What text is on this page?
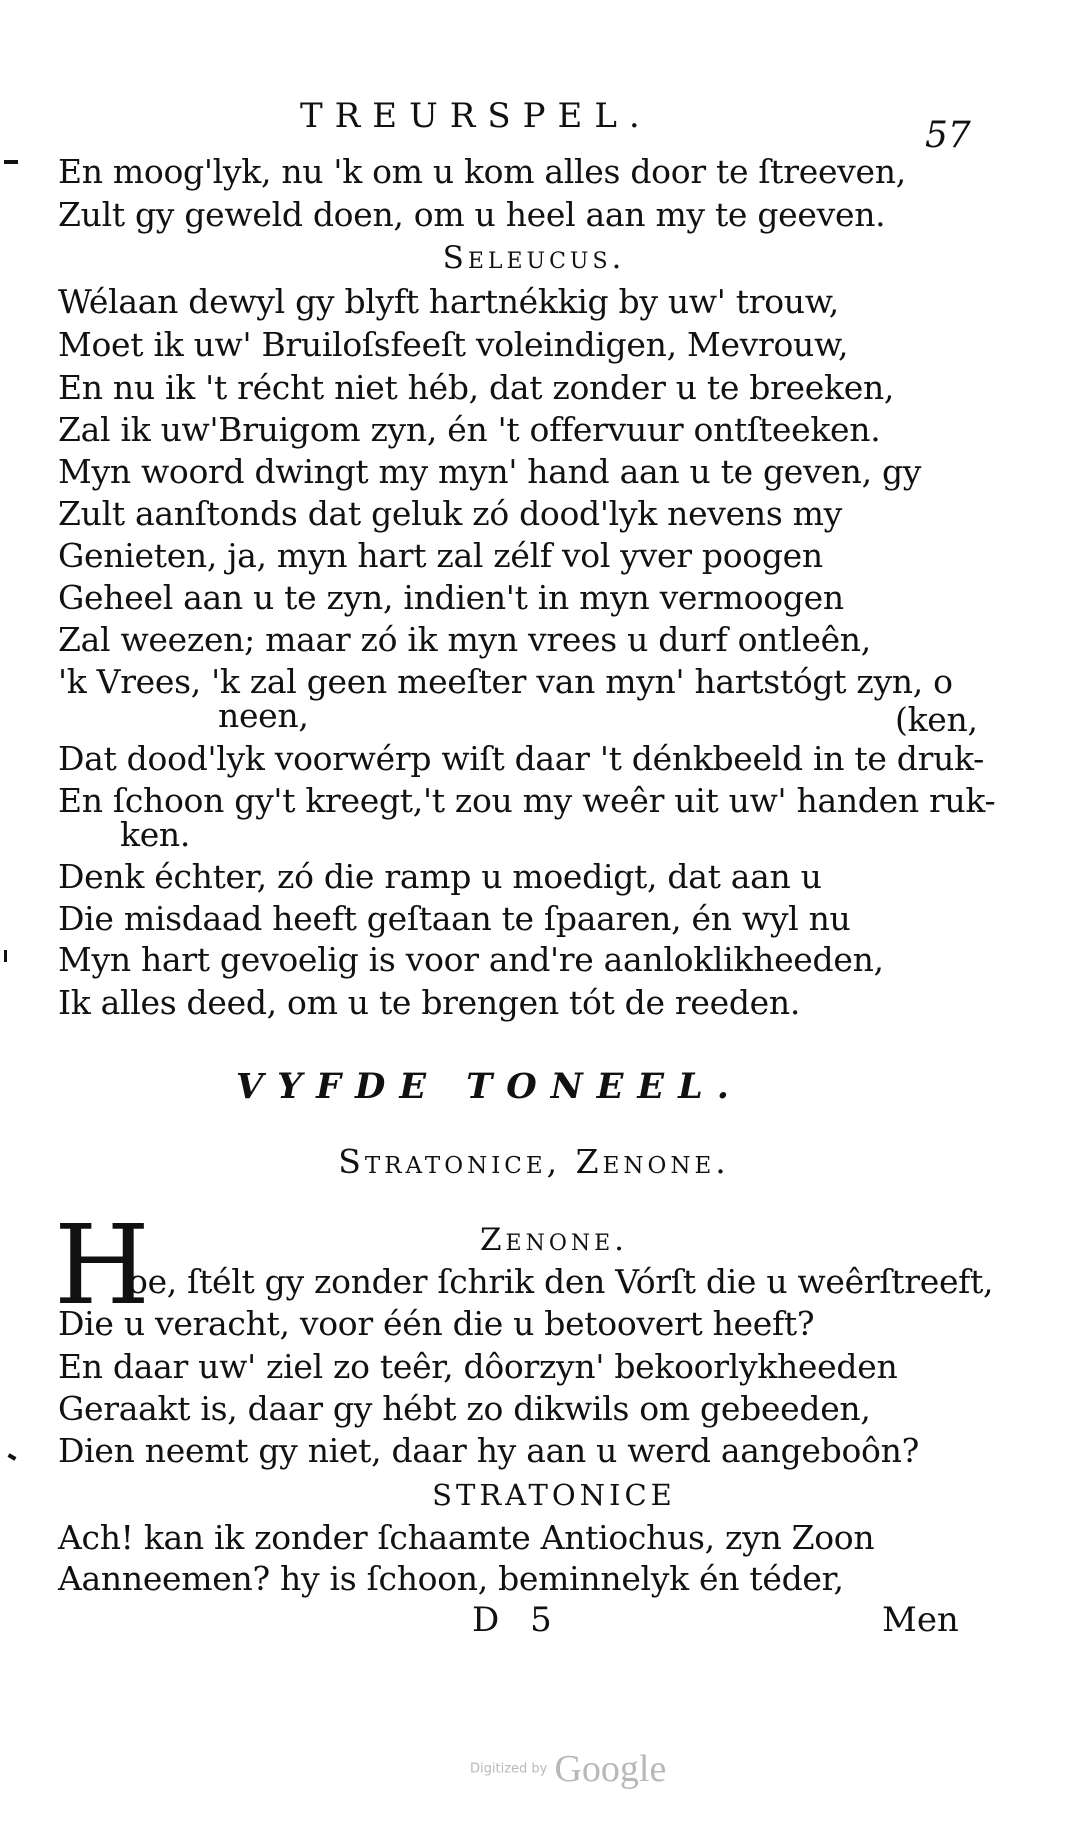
TREURSPEL.	57
En moog'lyk, nu 'k om u kom alles door te ſtreeven,
Zult gy geweld doen, om u heel aan my te geeven.
Seleucus.
Wélaan dewyl gy blyft hartnékkig by uw' trouw,
Moet ik uw' Bruiloſsfeeſt voleindigen, Mevrouw,
En nu ik 't récht niet héb, dat zonder u te breeken,
Zal ik uw'Bruigom zyn, én 't offervuur ontſteeken.
Myn woord dwingt my myn' hand aan u te geven, gy
Zult aanſtonds dat geluk zó dood'lyk nevens my
Genieten, ja, myn hart zal zélf vol yver poogen
Geheel aan u te zyn, indien't in myn vermoogen
Zal weezen; maar zó ik myn vrees u durf ontleên,
'k Vrees, 'k zal geen meeſter van myn' hartstógt zyn, o
neen,	(ken,
Dat dood'lyk voorwérp wiſt daar 't dénkbeeld in te druk-
En ſchoon gy't kreegt,'t zou my weêr uit uw' handen ruk-
ken.
Denk échter, zó die ramp u moedigt, dat aan u
Die misdaad heeft geſtaan te ſpaaren, én wyl nu
Myn hart gevoelig is voor and're aanloklikheeden,
Ik alles deed, om u te brengen tót de reeden.
VYFDE TONEEL.
Stratonice, Zenone.
Zenone.
H
oe, ſtélt gy zonder ſchrik den Vórſt die u weêrſtreeft,
Die u veracht, voor één die u betoovert heeft?
En daar uw' ziel zo teêr, dôorzyn' bekoorlykheeden
Geraakt is, daar gy hébt zo dikwils om gebeeden,
Dien neemt gy niet, daar hy aan u werd aangeboôn?
STRATONICE
Ach! kan ik zonder ſchaamte Antiochus, zyn Zoon
Aanneemen? hy is ſchoon, beminnelyk én téder,
D 5	Men
Digitized by Google
